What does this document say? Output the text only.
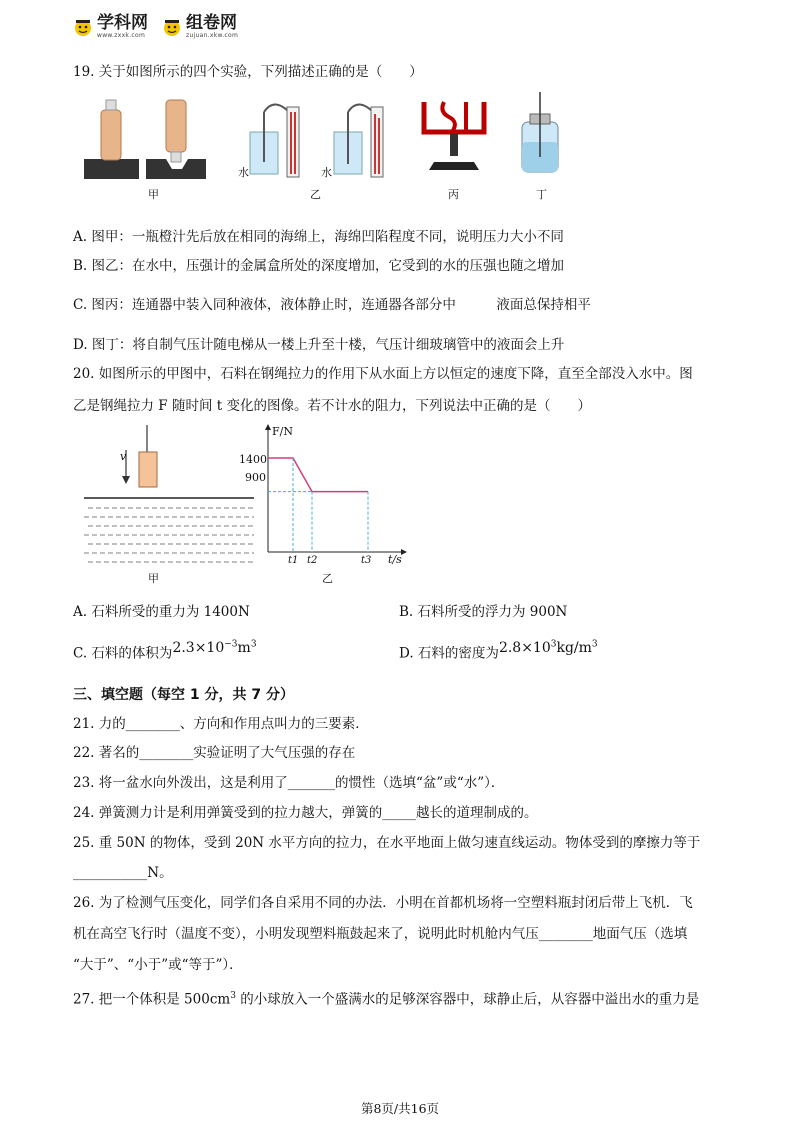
学科网
www.zxxk.com
组卷网
zujuan.xkw.com
19. 关于如图所示的四个实验，下列描述正确的是（　　）
甲	乙	丙	丁
水	水
A. 图甲：一瓶橙汁先后放在相同的海绵上，海绵凹陷程度不同，说明压力大小不同
B. 图乙：在水中，压强计的金属盒所处的深度增加，它受到的水的压强也随之增加
C. 图丙：连通器中装入同种液体，液体静止时，连通器各部分中　　　液面总保持相平
D. 图丁：将自制气压计随电梯从一楼上升至十楼，气压计细玻璃管中的液面会上升
20. 如图所示的甲图中，石料在钢绳拉力的作用下从水面上方以恒定的速度下降，直至全部没入水中。图
乙是钢绳拉力 F 随时间 t 变化的图像。若不计水的阻力，下列说法中正确的是（　　）
v
甲
F/N
t/s
1400
900
t1 t2	t3
乙
A. 石料所受的重力为 1400N	B. 石料所受的浮力为 900N
C. 石料的体积为$2.3\times 10^{-3}m^3$
D. 石料的密度为$2.8\times 10^3kg/m^3$
三、填空题（每空 1 分，共 7 分）
21. 力的________、方向和作用点叫力的三要素．
22. 著名的________实验证明了大气压强的存在
23. 将一盆水向外泼出，这是利用了_______的惯性（选填“盆”或“水”）．
24. 弹簧测力计是利用弹簧受到的拉力越大，弹簧的_____越长的道理制成的。
25. 重 50N 的物体，受到 20N 水平方向的拉力，在水平地面上做匀速直线运动。物体受到的摩擦力等于
___________N。
26. 为了检测气压变化，同学们各自采用不同的办法．小明在首都机场将一空塑料瓶封闭后带上飞机．飞
机在高空飞行时（温度不变），小明发现塑料瓶鼓起来了，说明此时机舱内气压________地面气压（选填
“大于”、“小于”或“等于”）．
27. 把一个体积是 $500cm^3$ 的小球放入一个盛满水的足够深容器中，球静止后，从容器中溢出水的重力是
第8页/共16页
